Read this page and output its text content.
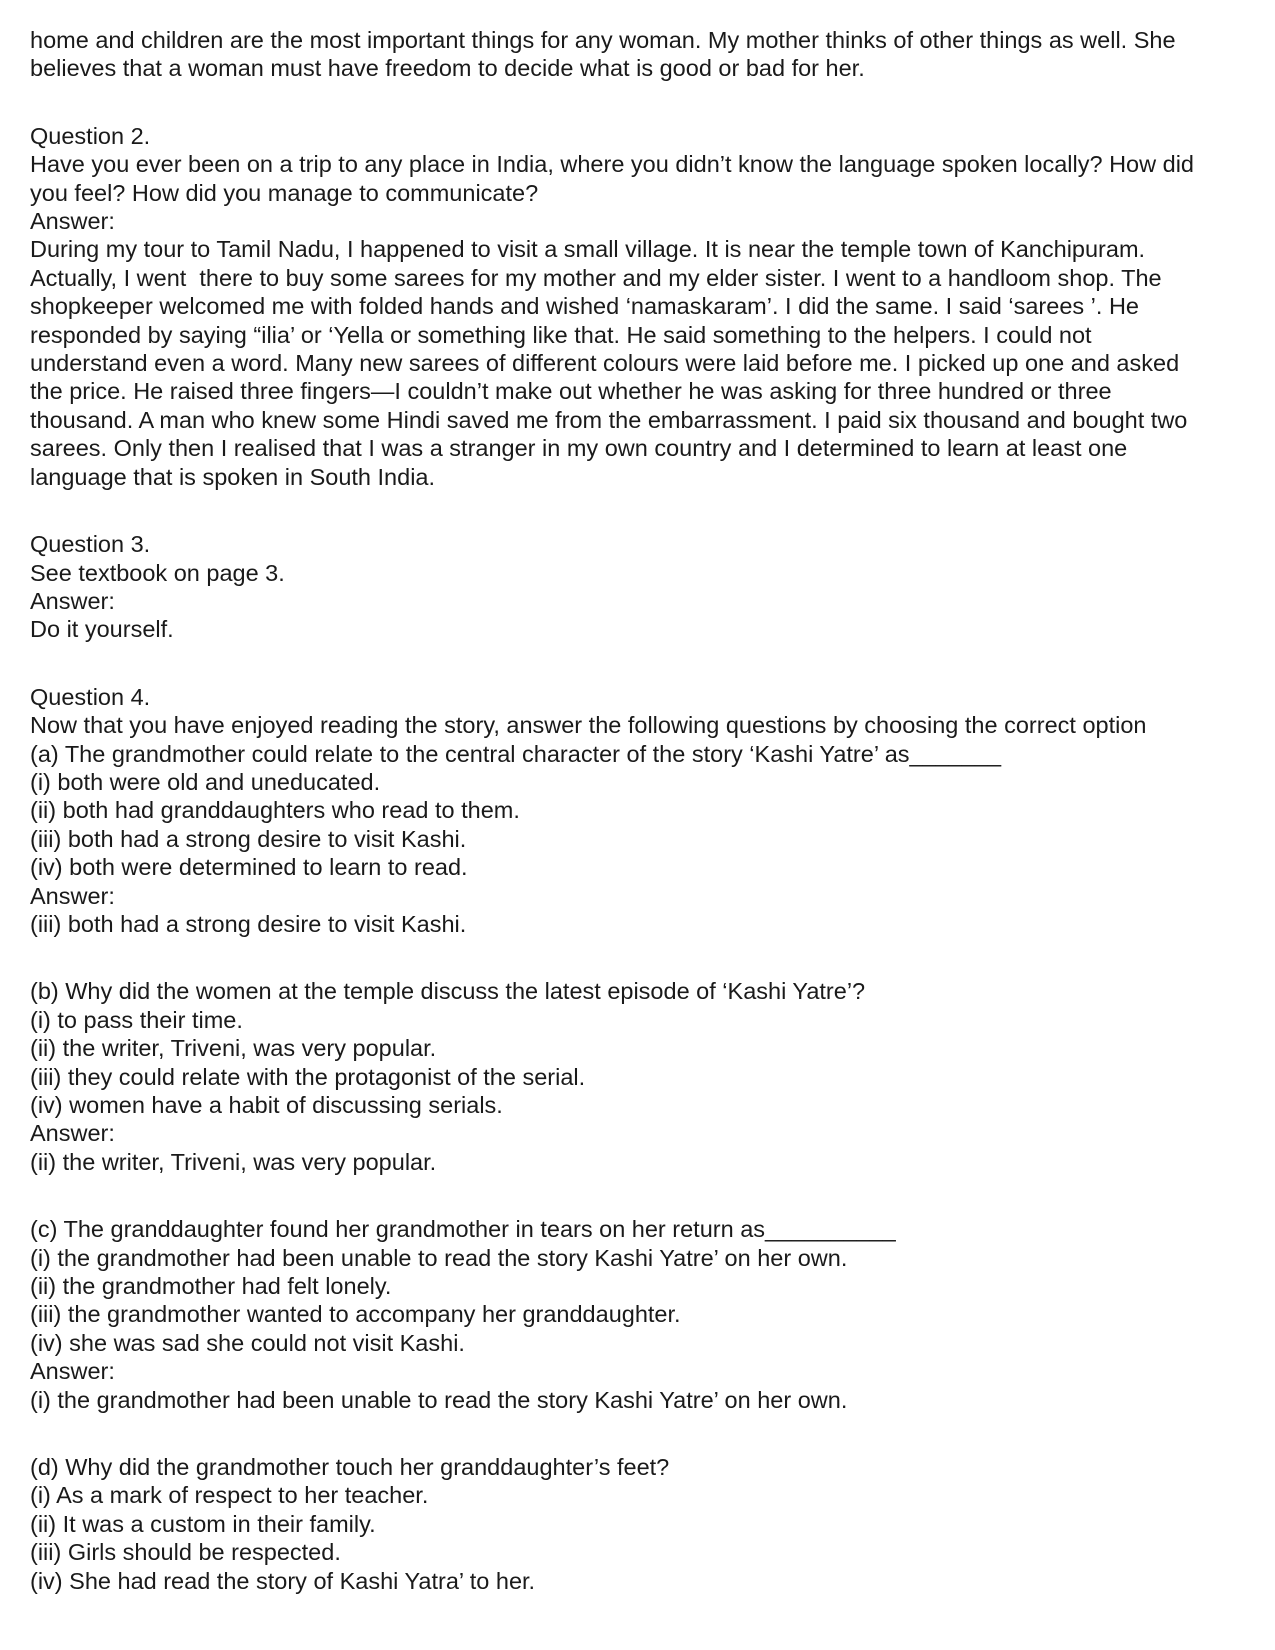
home and children are the most important things for any woman. My mother thinks of other things as well. She

believes that a woman must have freedom to decide what is good or bad for her.

Question 2.

Have you ever been on a trip to any place in India, where you didn’t know the language spoken locally? How did

you feel? How did you manage to communicate?

Answer:

During my tour to Tamil Nadu, I happened to visit a small village. It is near the temple town of Kanchipuram.

Actually, I went  there to buy some sarees for my mother and my elder sister. I went to a handloom shop. The

shopkeeper welcomed me with folded hands and wished ‘namaskaram’. I did the same. I said ‘sarees ’. He

responded by saying “ilia’ or ‘Yella or something like that. He said something to the helpers. I could not

understand even a word. Many new sarees of different colours were laid before me. I picked up one and asked

the price. He raised three fingers—I couldn’t make out whether he was asking for three hundred or three

thousand. A man who knew some Hindi saved me from the embarrassment. I paid six thousand and bought two

sarees. Only then I realised that I was a stranger in my own country and I determined to learn at least one

language that is spoken in South India.

Question 3.

See textbook on page 3.

Answer:

Do it yourself.

Question 4.

Now that you have enjoyed reading the story, answer the following questions by choosing the correct option

(a) The grandmother could relate to the central character of the story ‘Kashi Yatre’ as_______

(i) both were old and uneducated.

(ii) both had granddaughters who read to them.

(iii) both had a strong desire to visit Kashi.

(iv) both were determined to learn to read.

Answer:

(iii) both had a strong desire to visit Kashi.

(b) Why did the women at the temple discuss the latest episode of ‘Kashi Yatre’?

(i) to pass their time.

(ii) the writer, Triveni, was very popular.

(iii) they could relate with the protagonist of the serial.

(iv) women have a habit of discussing serials.

Answer:

(ii) the writer, Triveni, was very popular.

(c) The granddaughter found her grandmother in tears on her return as__________

(i) the grandmother had been unable to read the story Kashi Yatre’ on her own.

(ii) the grandmother had felt lonely.

(iii) the grandmother wanted to accompany her granddaughter.

(iv) she was sad she could not visit Kashi.

Answer:

(i) the grandmother had been unable to read the story Kashi Yatre’ on her own.

(d) Why did the grandmother touch her granddaughter’s feet?

(i) As a mark of respect to her teacher.

(ii) It was a custom in their family.

(iii) Girls should be respected.

(iv) She had read the story of Kashi Yatra’ to her.
